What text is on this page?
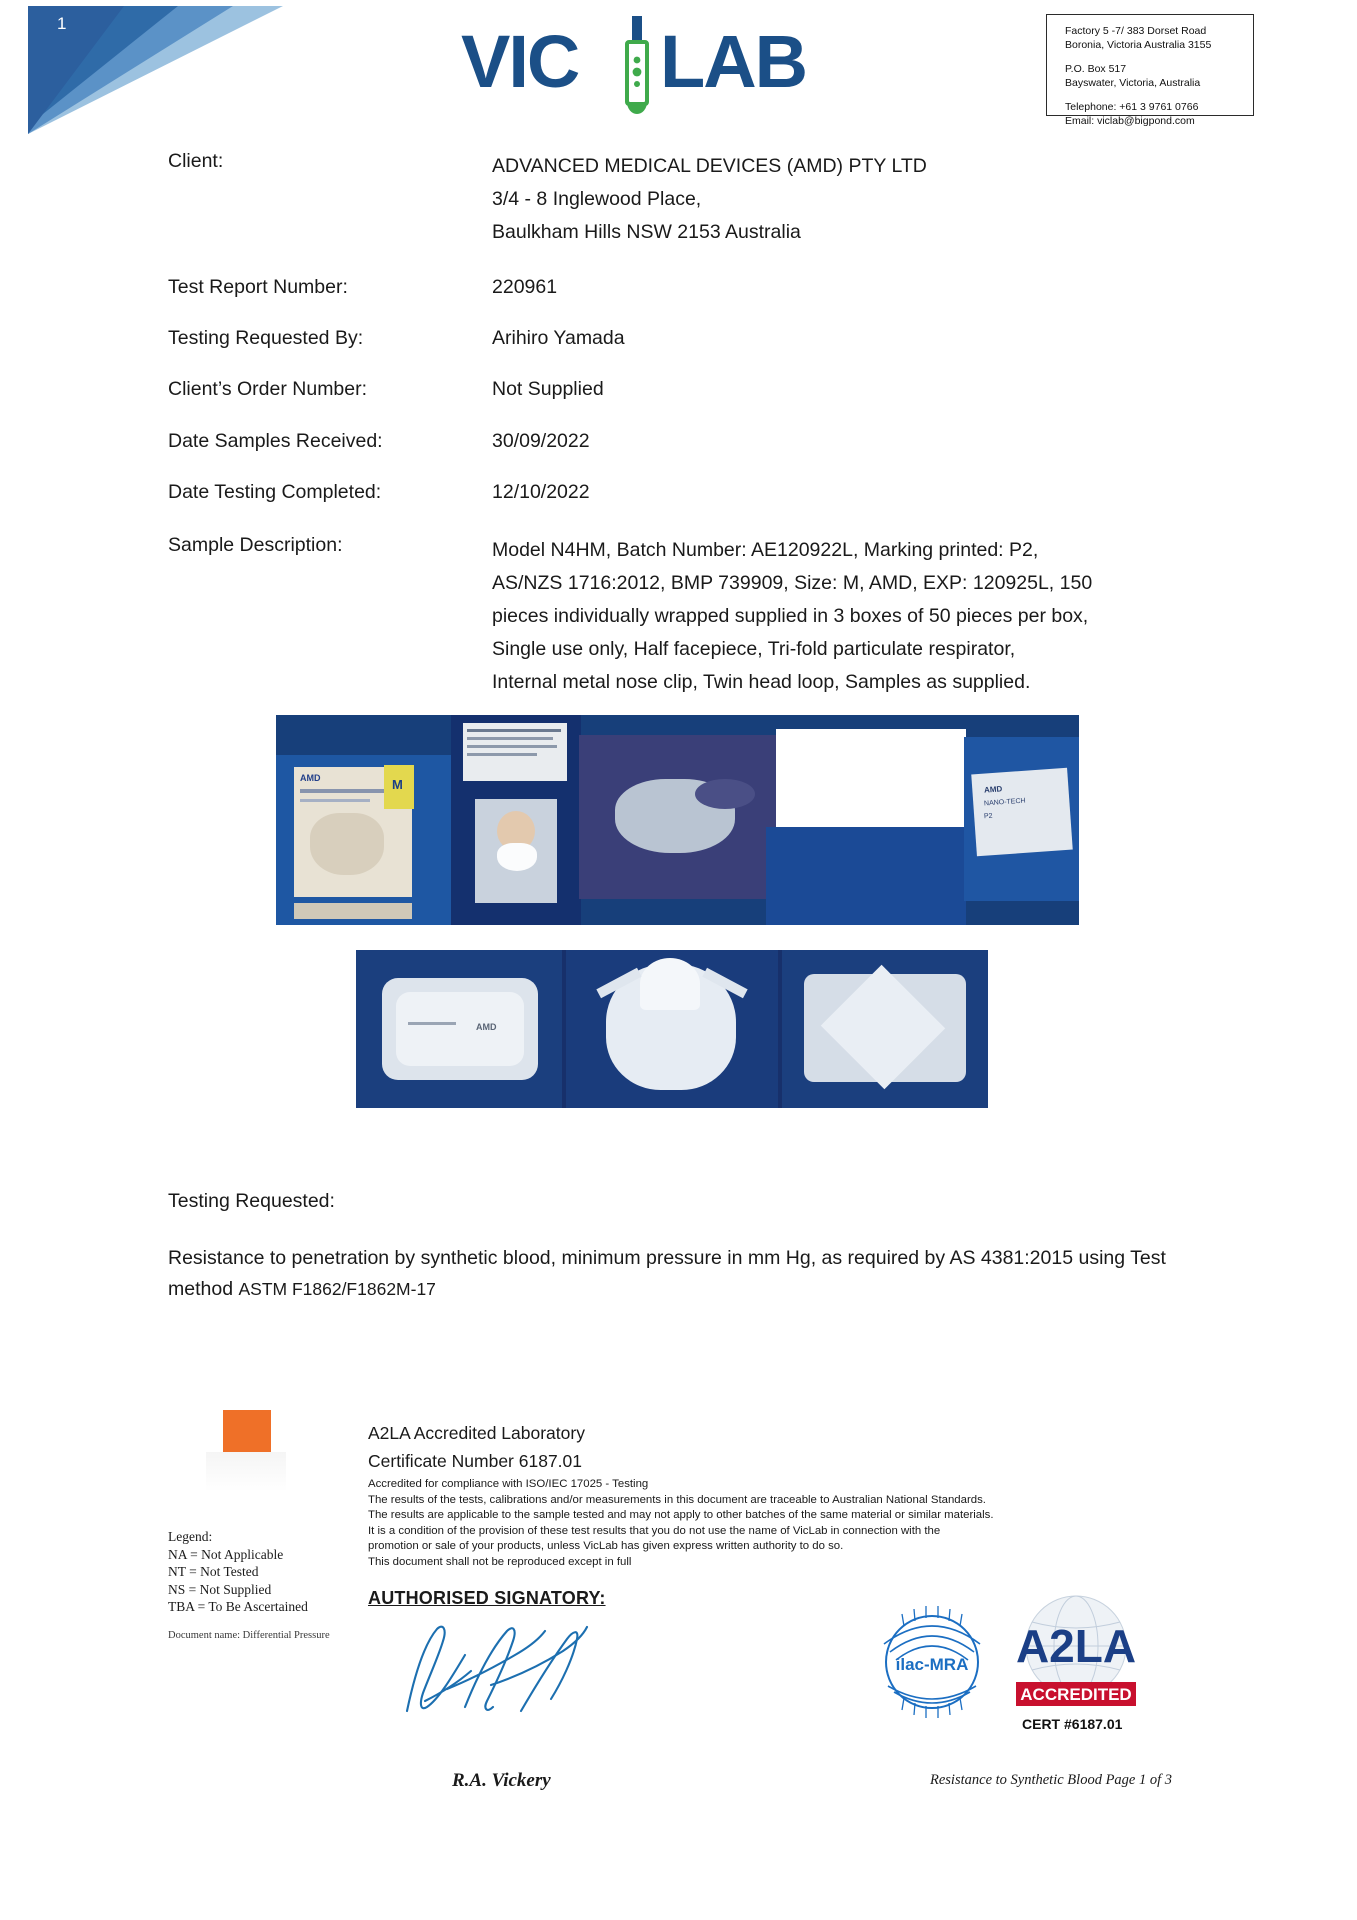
1	VIC LAB	Factory 5 -7/ 383 Dorset Road
Boronia, Victoria Australia 3155
P.O. Box 517
Bayswater, Victoria, Australia
Telephone: +61 3 9761 0766
Email: viclab@bigpond.com
Client:	ADVANCED MEDICAL DEVICES (AMD) PTY LTD
3/4 - 8 Inglewood Place,
Baulkham Hills NSW 2153 Australia
Test Report Number:	220961
Testing Requested By:	Arihiro Yamada
Client’s Order Number:	Not Supplied
Date Samples Received:	30/09/2022
Date Testing Completed:	12/10/2022
Sample Description:	Model N4HM, Batch Number: AE120922L, Marking printed: P2,
AS/NZS 1716:2012, BMP 739909, Size: M, AMD, EXP: 120925L, 150
pieces individually wrapped supplied in 3 boxes of 50 pieces per box,
Single use only, Half facepiece, Tri-fold particulate respirator,
Internal metal nose clip, Twin head loop, Samples as supplied.
AMD	M	AMD
NANO-TECH
P2
AMD
Testing Requested:
Resistance to penetration by synthetic blood, minimum pressure in mm Hg, as required by AS 4381:2015 using Test method ASTM F1862/F1862M-17
A2LA Accredited Laboratory
Certificate Number 6187.01
Accredited for compliance with ISO/IEC 17025 - Testing
The results of the tests, calibrations and/or measurements in this document are traceable to Australian National Standards.
The results are applicable to the sample tested and may not apply to other batches of the same material or similar materials.
It is a condition of the provision of these test results that you do not use the name of VicLab in connection with the
promotion or sale of your products, unless VicLab has given express written authority to do so.
This document shall not be reproduced except in full
AUTHORISED SIGNATORY:
Legend:
NA = Not Applicable
NT = Not Tested
NS = Not Supplied
TBA = To Be Ascertained
Document name: Differential Pressure
R.A. Vickery	Resistance to Synthetic Blood Page 1 of 3
ilac-MRA A2LA
ACCREDITED
CERT #6187.01
